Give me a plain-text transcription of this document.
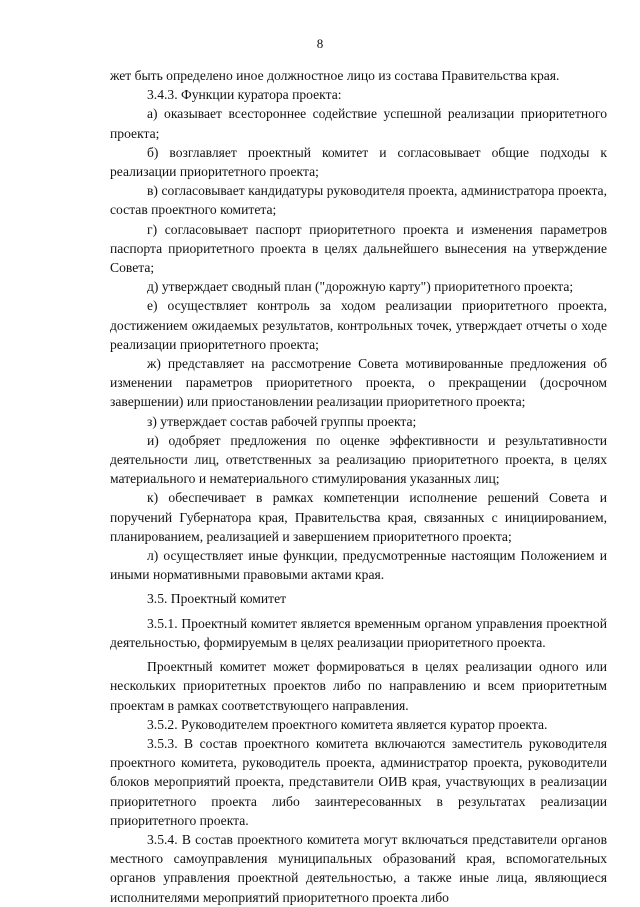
8

жет быть определено иное должностное лицо из состава Правительства края.

3.4.3. Функции куратора проекта:

а) оказывает всестороннее содействие успешной реализации приоритетного проекта;

б) возглавляет проектный комитет и согласовывает общие подходы к реализации приоритетного проекта;

в) согласовывает кандидатуры руководителя проекта, администратора проекта, состав проектного комитета;

г) согласовывает паспорт приоритетного проекта и изменения параметров паспорта приоритетного проекта в целях дальнейшего вынесения на утверждение Совета;

д) утверждает сводный план ("дорожную карту") приоритетного проекта;

е) осуществляет контроль за ходом реализации приоритетного проекта, достижением ожидаемых результатов, контрольных точек, утверждает отчеты о ходе реализации приоритетного проекта;

ж) представляет на рассмотрение Совета мотивированные предложения об изменении параметров приоритетного проекта, о прекращении (досрочном завершении) или приостановлении реализации приоритетного проекта;

з) утверждает состав рабочей группы проекта;

и) одобряет предложения по оценке эффективности и результативности деятельности лиц, ответственных за реализацию приоритетного проекта, в целях материального и нематериального стимулирования указанных лиц;

к) обеспечивает в рамках компетенции исполнение решений Совета и поручений Губернатора края, Правительства края, связанных с инициированием, планированием, реализацией и завершением приоритетного проекта;

л) осуществляет иные функции, предусмотренные настоящим Положением и иными нормативными правовыми актами края.

3.5. Проектный комитет

3.5.1. Проектный комитет является временным органом управления проектной деятельностью, формируемым в целях реализации приоритетного проекта.

Проектный комитет может формироваться в целях реализации одного или нескольких приоритетных проектов либо по направлению и всем приоритетным проектам в рамках соответствующего направления.

3.5.2. Руководителем проектного комитета является куратор проекта.

3.5.3. В состав проектного комитета включаются заместитель руководителя проектного комитета, руководитель проекта, администратор проекта, руководители блоков мероприятий проекта, представители ОИВ края, участвующих в реализации приоритетного проекта либо заинтересованных в результатах реализации приоритетного проекта.

3.5.4. В состав проектного комитета могут включаться представители органов местного самоуправления муниципальных образований края, вспомогательных органов управления проектной деятельностью, а также иные лица, являющиеся исполнителями мероприятий приоритетного проекта либо
